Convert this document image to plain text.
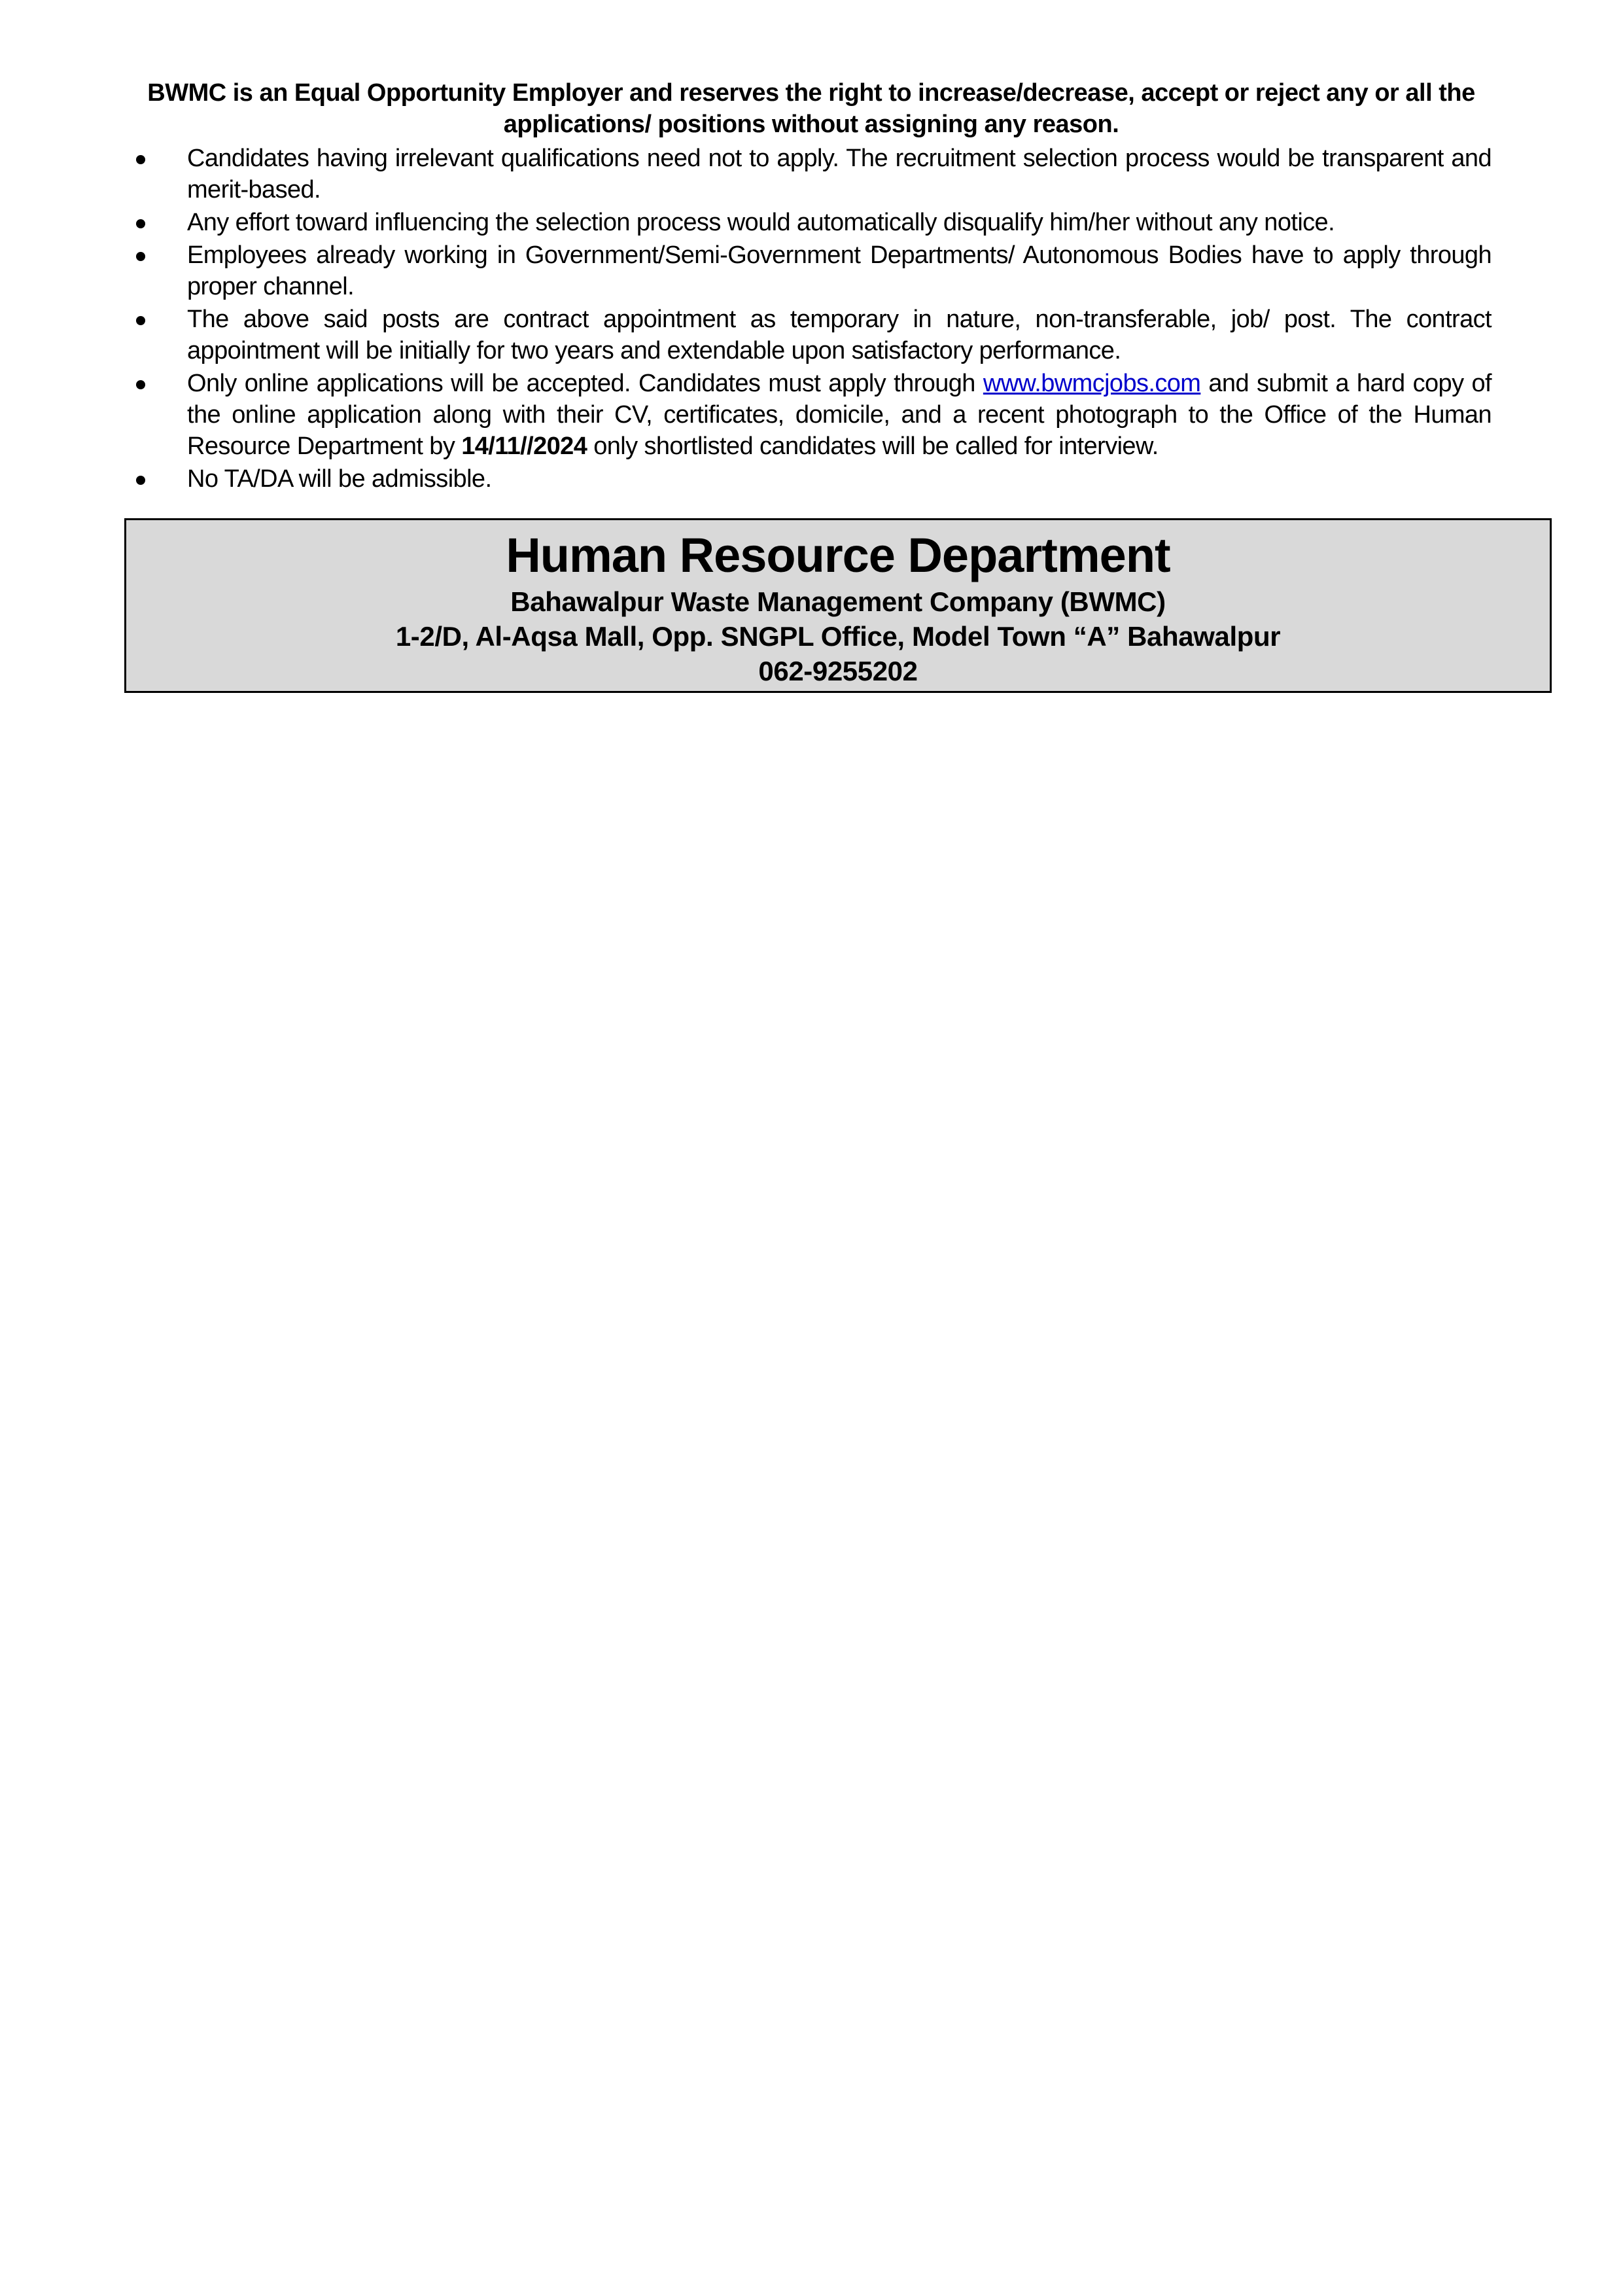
BWMC is an Equal Opportunity Employer and reserves the right to increase/decrease, accept or reject any or all the
applications/ positions without assigning any reason.
Candidates having irrelevant qualifications need not to apply. The recruitment selection process would be transparent and merit-based.
Any effort toward influencing the selection process would automatically disqualify him/her without any notice.
Employees already working in Government/Semi-Government Departments/ Autonomous Bodies have to apply through proper channel.
The above said posts are contract appointment as temporary in nature, non-transferable, job/ post. The contract appointment will be initially for two years and extendable upon satisfactory performance.
Only online applications will be accepted. Candidates must apply through www.bwmcjobs.com and submit a hard copy of the online application along with their CV, certificates, domicile, and a recent photograph to the Office of the Human Resource Department by 14/11//2024 only shortlisted candidates will be called for interview.
No TA/DA will be admissible.
Human Resource Department
Bahawalpur Waste Management Company (BWMC)
1-2/D, Al-Aqsa Mall, Opp. SNGPL Office, Model Town “A” Bahawalpur
062-9255202
